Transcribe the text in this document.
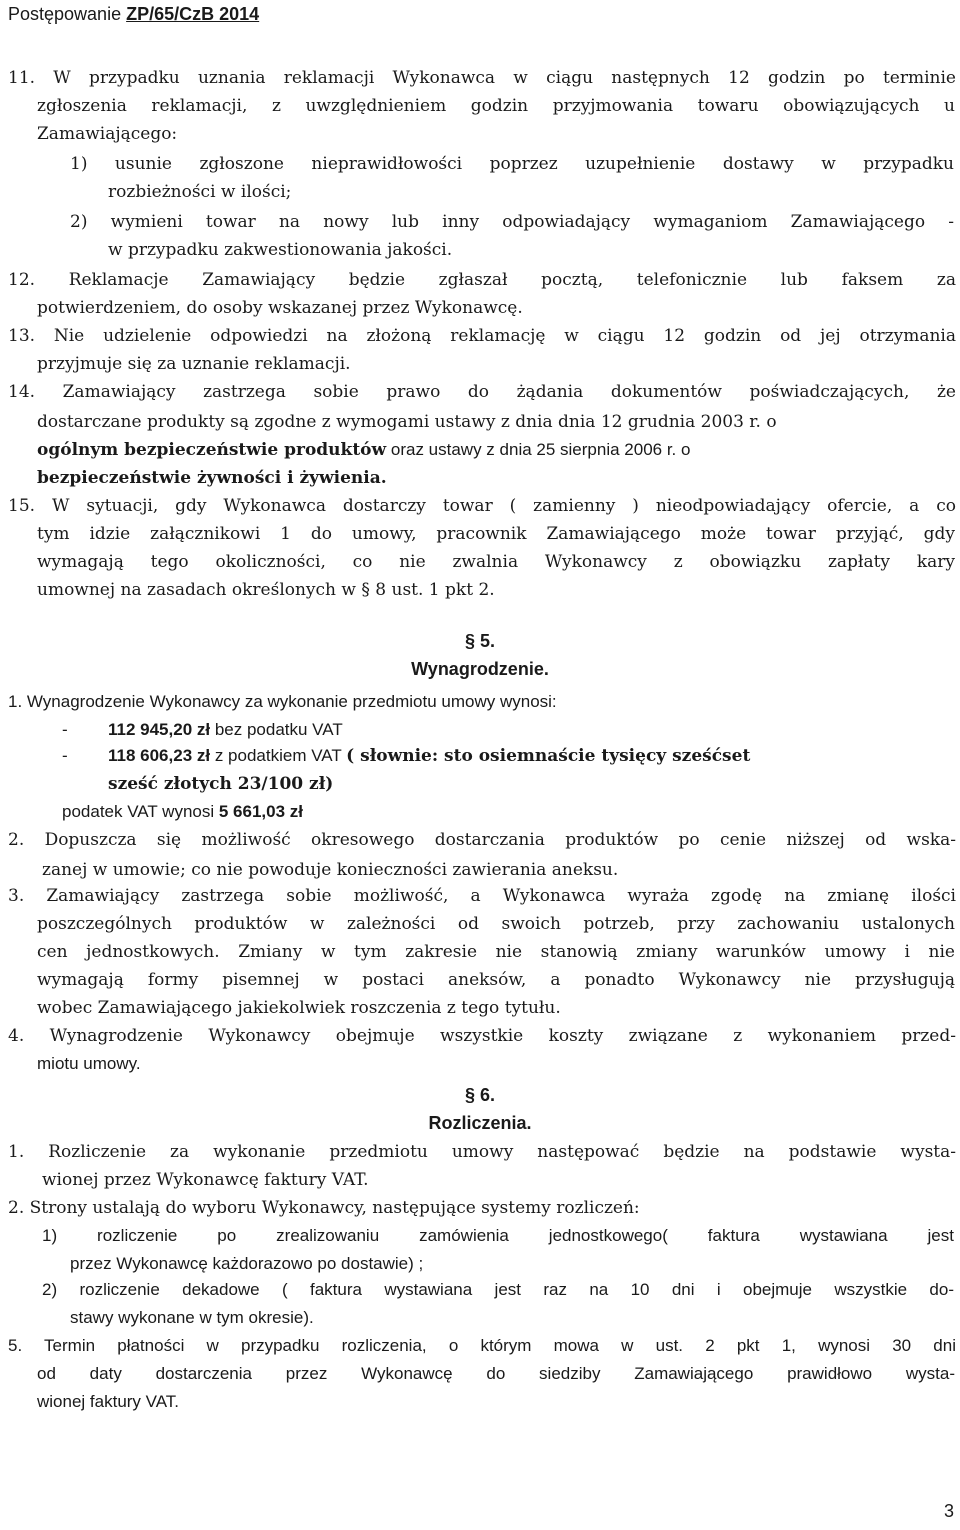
Postępowanie ZP/65/CzB 2014
11. W przypadku uznania reklamacji Wykonawca w ciągu następnych 12 godzin po terminie
zgłoszenia reklamacji, z uwzględnieniem godzin przyjmowania towaru obowiązujących u
Zamawiającego:
1) usunie zgłoszone nieprawidłowości poprzez uzupełnienie dostawy w przypadku
rozbieżności w ilości;
2) wymieni towar na nowy lub inny odpowiadający wymaganiom Zamawiającego -
w przypadku zakwestionowania jakości.
12. Reklamacje Zamawiający będzie zgłaszał pocztą, telefonicznie lub faksem za
potwierdzeniem, do osoby wskazanej przez Wykonawcę.
13. Nie udzielenie odpowiedzi na złożoną reklamację w ciągu 12 godzin od jej otrzymania
przyjmuje się za uznanie reklamacji.
14. Zamawiający zastrzega sobie prawo do żądania dokumentów poświadczających, że
dostarczane produkty są zgodne z wymogami ustawy z dnia dnia 12 grudnia 2003 r. o
ogólnym bezpieczeństwie produktów oraz ustawy z dnia 25 sierpnia 2006 r. o
bezpieczeństwie żywności i żywienia.
15. W sytuacji, gdy Wykonawca dostarczy towar ( zamienny ) nieodpowiadający ofercie, a co
tym idzie załącznikowi 1 do umowy, pracownik Zamawiającego może towar przyjąć, gdy
wymagają tego okoliczności, co nie zwalnia Wykonawcy z obowiązku zapłaty kary
umownej na zasadach określonych w § 8 ust. 1 pkt 2.
§ 5.
Wynagrodzenie.
1. Wynagrodzenie Wykonawcy za wykonanie przedmiotu umowy wynosi:
- 112 945,20 zł bez podatku VAT
- 118 606,23 zł z podatkiem VAT ( słownie: sto osiemnaście tysięcy sześćset
sześć złotych 23/100 zł)
podatek VAT wynosi 5 661,03 zł
2. Dopuszcza się możliwość okresowego dostarczania produktów po cenie niższej od wska-
zanej w umowie; co nie powoduje konieczności zawierania aneksu.
3. Zamawiający zastrzega sobie możliwość, a Wykonawca wyraża zgodę na zmianę ilości
poszczególnych produktów w zależności od swoich potrzeb, przy zachowaniu ustalonych
cen jednostkowych. Zmiany w tym zakresie nie stanowią zmiany warunków umowy i nie
wymagają formy pisemnej w postaci aneksów, a ponadto Wykonawcy nie przysługują
wobec Zamawiającego jakiekolwiek roszczenia z tego tytułu.
4. Wynagrodzenie Wykonawcy obejmuje wszystkie koszty związane z wykonaniem przed-
miotu umowy.
§ 6.
Rozliczenia.
1. Rozliczenie za wykonanie przedmiotu umowy następować będzie na podstawie wysta-
wionej przez Wykonawcę faktury VAT.
2. Strony ustalają do wyboru Wykonawcy, następujące systemy rozliczeń:
1) rozliczenie po zrealizowaniu zamówienia jednostkowego( faktura wystawiana jest
przez Wykonawcę każdorazowo po dostawie) ;
2) rozliczenie dekadowe ( faktura wystawiana jest raz na 10 dni i obejmuje wszystkie do-
stawy wykonane w tym okresie).
5. Termin płatności w przypadku rozliczenia, o którym mowa w ust. 2 pkt 1, wynosi 30 dni
od daty dostarczenia przez Wykonawcę do siedziby Zamawiającego prawidłowo wysta-
wionej faktury VAT.
3
